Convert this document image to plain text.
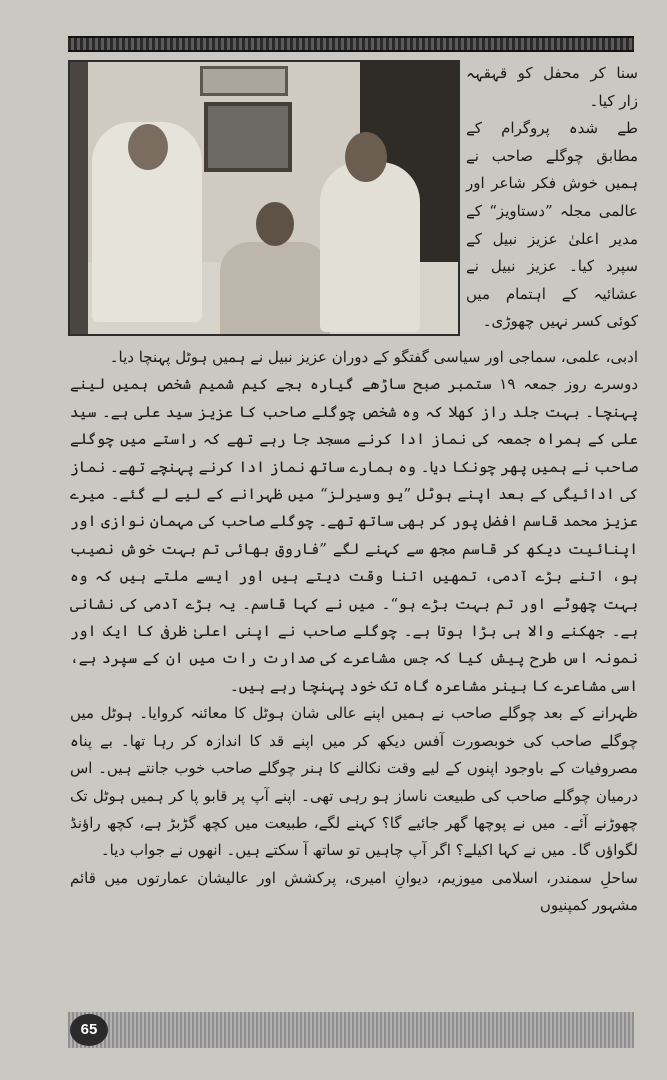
سنا کر محفل کو قہقہہ زار کیا۔

طے شدہ پروگرام کے مطابق چوگلے صاحب نے ہمیں خوش فکر شاعر اور عالمی مجلہ ”دستاویز“ کے مدیر اعلیٰ عزیز نبیل کے سپرد کیا۔ عزیز نبیل نے عشائیہ کے اہتمام میں کوئی کسر نہیں چھوڑی۔

ادبی، علمی، سماجی اور سیاسی گفتگو کے دوران عزیز نبیل نے ہمیں ہوٹل پہنچا دیا۔

دوسرے روز جمعہ ۱۹ ستمبر صبح ساڑھے گیارہ بجے کیم شمیم شخص ہمیں لینے پہنچا۔ بہت جلد راز کھلا کہ وہ شخص چوگلے صاحب کا عزیز سید علی ہے۔ سید علی کے ہمراہ جمعہ کی نماز ادا کرنے مسجد جا رہے تھے کہ راستے میں چوگلے صاحب نے ہمیں پھر چونکا دیا۔ وہ ہمارے ساتھ نماز ادا کرنے پہنچے تھے۔ نماز کی ادائیگی کے بعد اپنے ہوٹل ”یو وسیرلز“ میں ظہرانے کے لیے لے گئے۔ میرے عزیز محمد قاسم افضل پور کر بھی ساتھ تھے۔ چوگلے صاحب کی مہمان نوازی اور اپنائیت دیکھ کر قاسم مجھ سے کہنے لگے ”فاروق بھائی تم بہت خوش نصیب ہو، اتنے بڑے آدمی، تمھیں اتنا وقت دیتے ہیں اور ایسے ملتے ہیں کہ وہ بہت چھوٹے اور تم بہت بڑے ہو“۔ میں نے کہا قاسم۔ یہ بڑے آدمی کی نشانی ہے۔ جھکنے والا ہی بڑا ہوتا ہے۔ چوگلے صاحب نے اپنی اعلیٰ ظرفی کا ایک اور نمونہ اس طرح پیش کیا کہ جس مشاعرے کی صدارت رات میں ان کے سپرد ہے، اسی مشاعرے کا بینر مشاعرہ گاہ تک خود پہنچا رہے ہیں۔

ظہرانے کے بعد چوگلے صاحب نے ہمیں اپنے عالی شان ہوٹل کا معائنہ کروایا۔ ہوٹل میں چوگلے صاحب کی خوبصورت آفس دیکھ کر میں اپنے قد کا اندازہ کر رہا تھا۔ بے پناہ مصروفیات کے باوجود اپنوں کے لیے وقت نکالنے کا ہنر چوگلے صاحب خوب جانتے ہیں۔ اس درمیان چوگلے صاحب کی طبیعت ناساز ہو رہی تھی۔ اپنے آپ پر قابو پا کر ہمیں ہوٹل تک چھوڑنے آئے۔ میں نے پوچھا گھر جائیے گا؟ کہنے لگے، طبیعت میں کچھ گڑبڑ ہے، کچھ راؤنڈ لگواؤں گا۔ میں نے کہا اکیلے؟ اگر آپ چاہیں تو ساتھ آ سکتے ہیں۔ انھوں نے جواب دیا۔

ساحلِ سمندر، اسلامی میوزیم، دیوانِ امیری، پرکشش اور عالیشان عمارتوں میں قائم مشہور کمپنیوں

65
